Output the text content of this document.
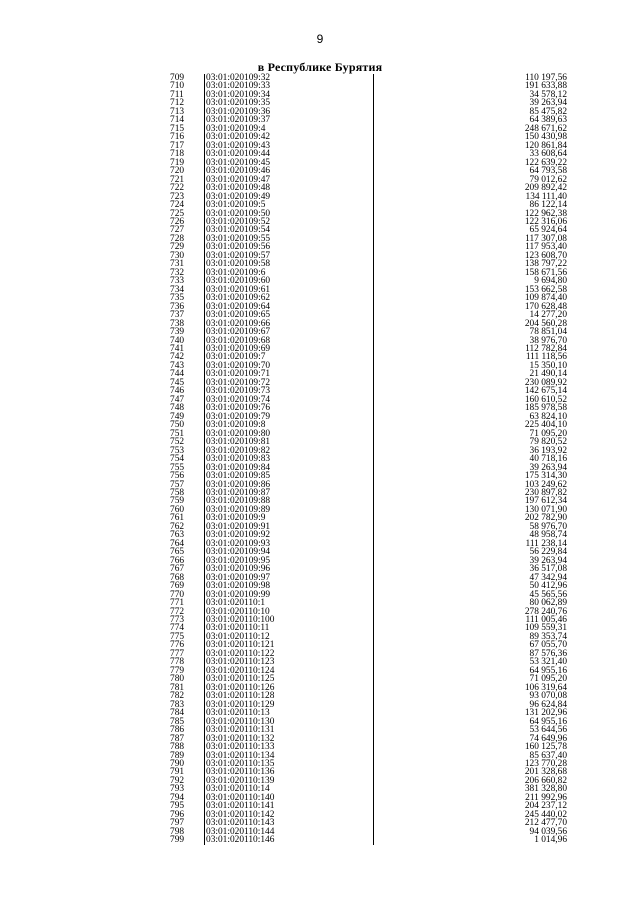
9
в Республике Бурятия
709	03:01:020109:32	110 197,56
710	03:01:020109:33	191 633,88
711	03:01:020109:34	34 578,12
712	03:01:020109:35	39 263,94
713	03:01:020109:36	85 475,82
714	03:01:020109:37	64 389,63
715	03:01:020109:4	248 671,62
716	03:01:020109:42	150 430,98
717	03:01:020109:43	120 861,84
718	03:01:020109:44	33 608,64
719	03:01:020109:45	122 639,22
720	03:01:020109:46	64 793,58
721	03:01:020109:47	79 012,62
722	03:01:020109:48	209 892,42
723	03:01:020109:49	134 111,40
724	03:01:020109:5	86 122,14
725	03:01:020109:50	122 962,38
726	03:01:020109:52	122 316,06
727	03:01:020109:54	65 924,64
728	03:01:020109:55	117 307,08
729	03:01:020109:56	117 953,40
730	03:01:020109:57	123 608,70
731	03:01:020109:58	138 797,22
732	03:01:020109:6	158 671,56
733	03:01:020109:60	9 694,80
734	03:01:020109:61	153 662,58
735	03:01:020109:62	109 874,40
736	03:01:020109:64	170 628,48
737	03:01:020109:65	14 277,20
738	03:01:020109:66	204 560,28
739	03:01:020109:67	78 851,04
740	03:01:020109:68	38 976,70
741	03:01:020109:69	112 782,84
742	03:01:020109:7	111 118,56
743	03:01:020109:70	15 350,10
744	03:01:020109:71	21 490,14
745	03:01:020109:72	230 089,92
746	03:01:020109:73	142 675,14
747	03:01:020109:74	160 610,52
748	03:01:020109:76	185 978,58
749	03:01:020109:79	63 824,10
750	03:01:020109:8	225 404,10
751	03:01:020109:80	71 095,20
752	03:01:020109:81	79 820,52
753	03:01:020109:82	36 193,92
754	03:01:020109:83	40 718,16
755	03:01:020109:84	39 263,94
756	03:01:020109:85	175 314,30
757	03:01:020109:86	103 249,62
758	03:01:020109:87	230 897,82
759	03:01:020109:88	197 612,34
760	03:01:020109:89	130 071,90
761	03:01:020109:9	202 782,90
762	03:01:020109:91	58 976,70
763	03:01:020109:92	48 958,74
764	03:01:020109:93	111 238,14
765	03:01:020109:94	56 229,84
766	03:01:020109:95	39 263,94
767	03:01:020109:96	36 517,08
768	03:01:020109:97	47 342,94
769	03:01:020109:98	50 412,96
770	03:01:020109:99	45 565,56
771	03:01:020110:1	80 062,89
772	03:01:020110:10	278 240,76
773	03:01:020110:100	111 005,46
774	03:01:020110:11	109 559,31
775	03:01:020110:12	89 353,74
776	03:01:020110:121	67 055,70
777	03:01:020110:122	87 576,36
778	03:01:020110:123	53 321,40
779	03:01:020110:124	64 955,16
780	03:01:020110:125	71 095,20
781	03:01:020110:126	106 319,64
782	03:01:020110:128	93 070,08
783	03:01:020110:129	96 624,84
784	03:01:020110:13	131 202,96
785	03:01:020110:130	64 955,16
786	03:01:020110:131	53 644,56
787	03:01:020110:132	74 649,96
788	03:01:020110:133	160 125,78
789	03:01:020110:134	85 637,40
790	03:01:020110:135	123 770,28
791	03:01:020110:136	201 328,68
792	03:01:020110:139	206 660,82
793	03:01:020110:14	381 328,80
794	03:01:020110:140	211 992,96
795	03:01:020110:141	204 237,12
796	03:01:020110:142	245 440,02
797	03:01:020110:143	212 477,70
798	03:01:020110:144	94 039,56
799	03:01:020110:146	1 014,96
